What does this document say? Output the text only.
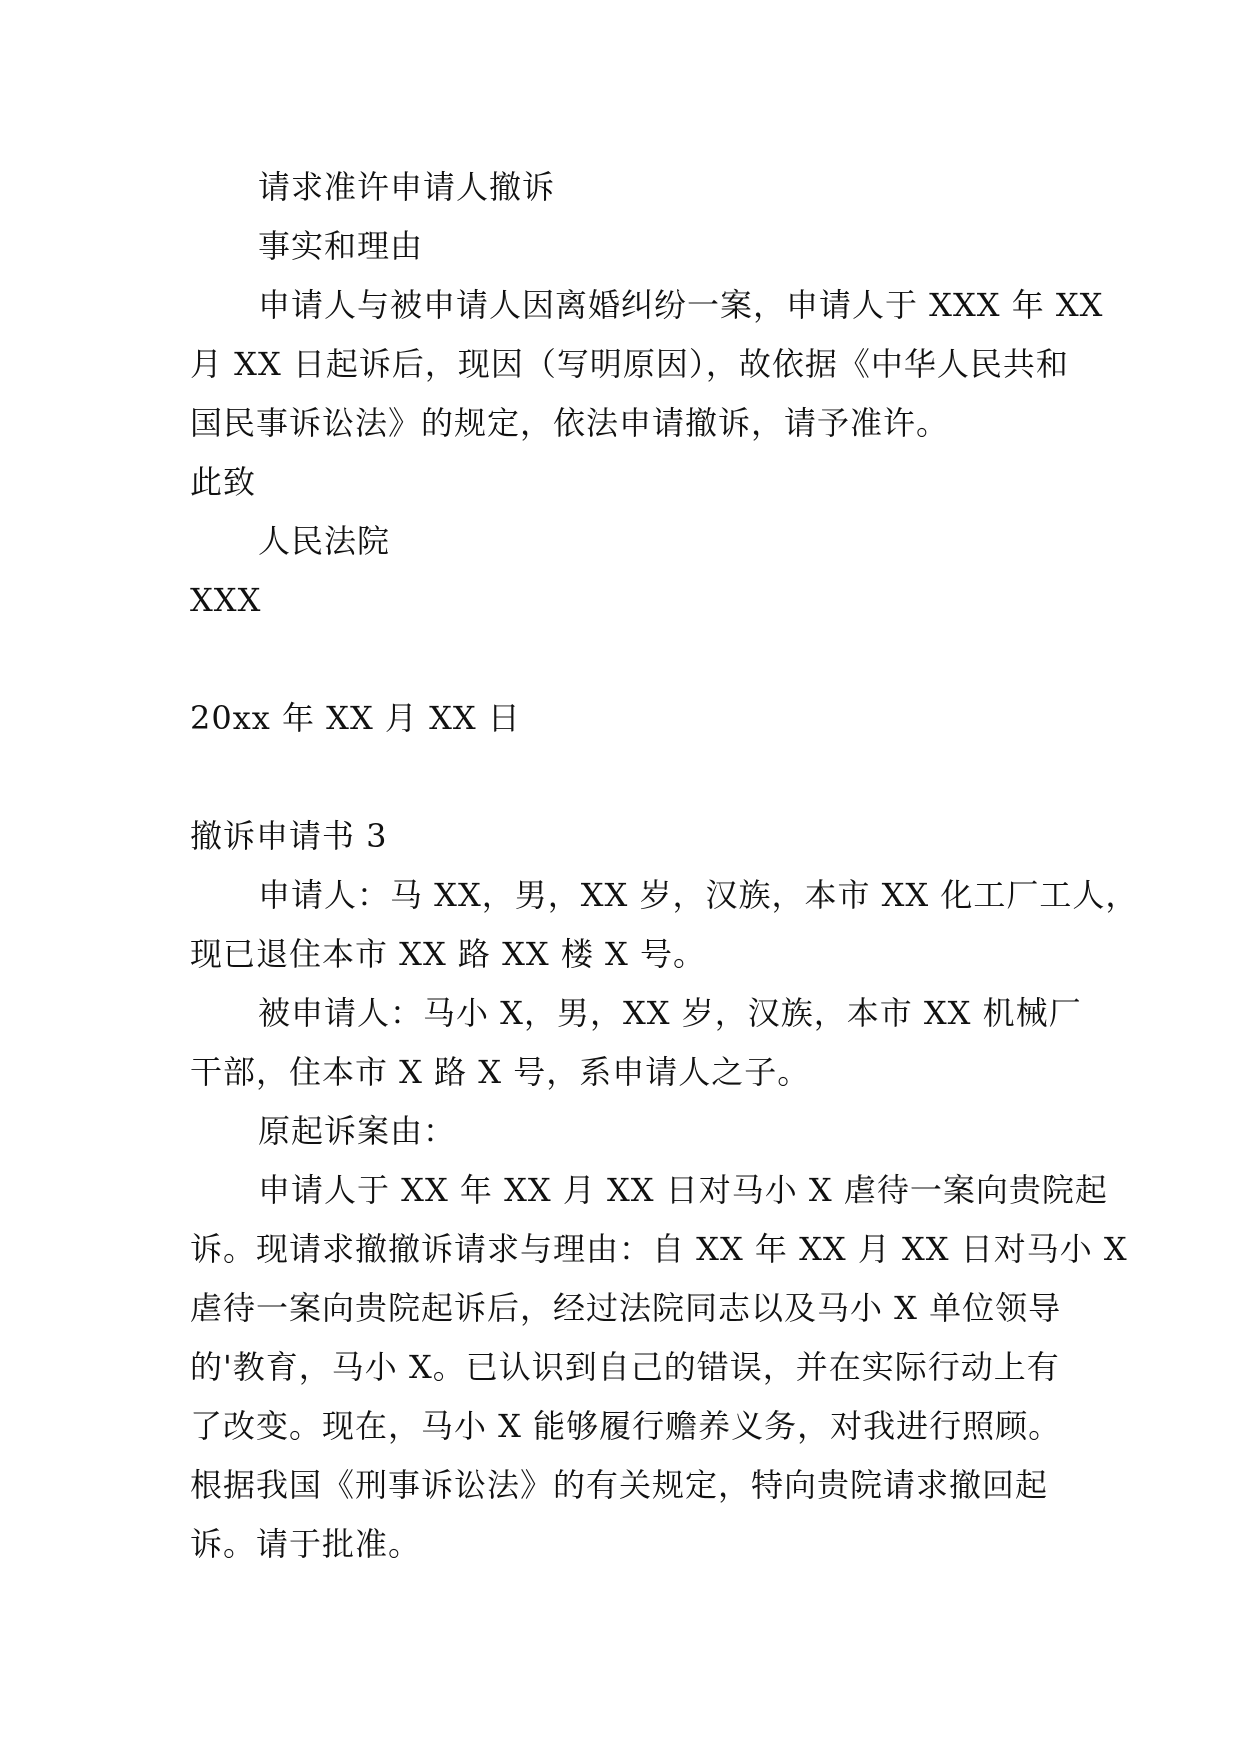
请求准许申请人撤诉
事实和理由
申请人与被申请人因离婚纠纷一案，申请人于 XXX 年 XX
月 XX 日起诉后，现因（写明原因），故依据《中华人民共和
国民事诉讼法》的规定，依法申请撤诉，请予准许。
此致
人民法院
XXX
20xx 年 XX 月 XX 日
撤诉申请书 3
申请人：马 XX，男，XX 岁，汉族，本市 XX 化工厂工人，
现已退住本市 XX 路 XX 楼 X 号。
被申请人：马小 X，男，XX 岁，汉族，本市 XX 机械厂
干部，住本市 X 路 X 号，系申请人之子。
原起诉案由：
申请人于 XX 年 XX 月 XX 日对马小 X 虐待一案向贵院起
诉。现请求撤撤诉请求与理由：自 XX 年 XX 月 XX 日对马小 X
虐待一案向贵院起诉后，经过法院同志以及马小 X 单位领导
的'教育，马小 X。已认识到自己的错误，并在实际行动上有
了改变。现在，马小 X 能够履行赡养义务，对我进行照顾。
根据我国《刑事诉讼法》的有关规定，特向贵院请求撤回起
诉。请于批准。
